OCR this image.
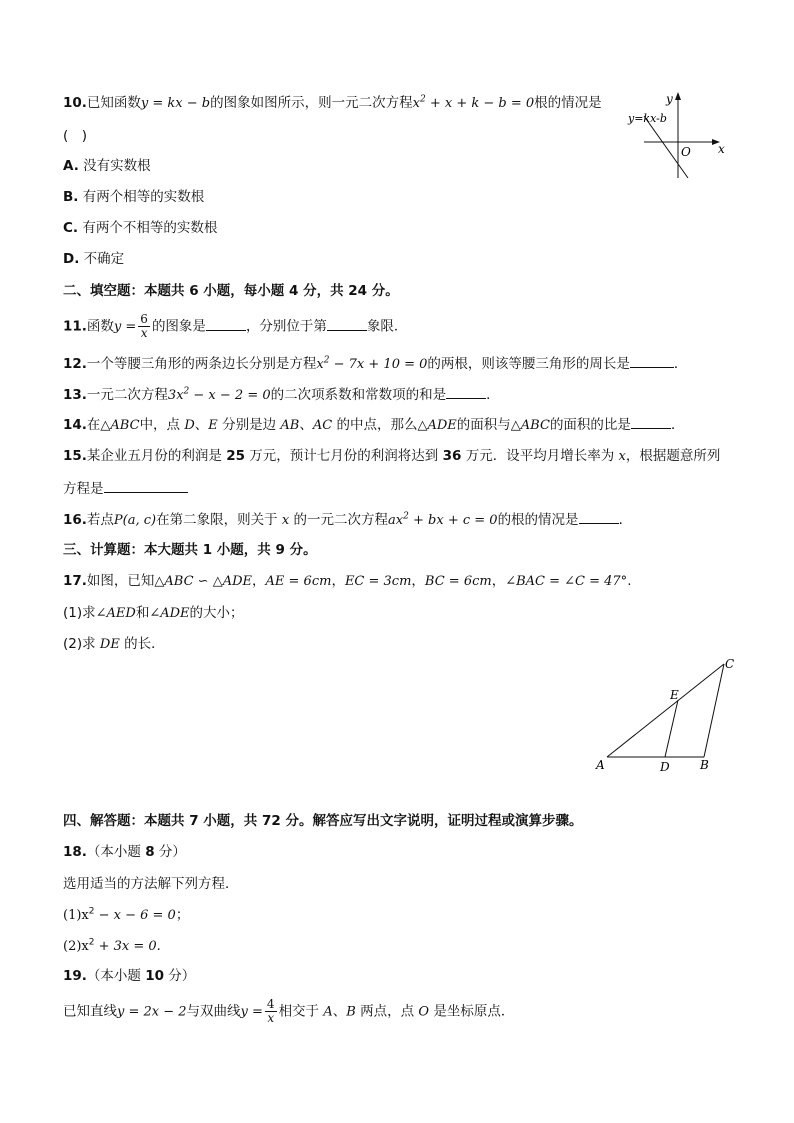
10.已知函数y = kx − b的图象如图所示，则一元二次方程$x^2 + x + k - b = 0$根的情况是
(　)
A. 没有实数根
B. 有两个相等的实数根
C. 有两个不相等的实数根
D. 不确定
y=kx-b
y
x
O
二、填空题：本题共 6 小题，每小题 4 分，共 24 分。
11.函数$y = \frac{6}{x}$ 的图象是	，分别位于第	象限．
12.一个等腰三角形的两条边长分别是方程$x^2 - 7x + 10 = 0$的两根，则该等腰三角形的周长是	．
13.一元二次方程$3x^2 - x - 2 = 0$的二次项系数和常数项的和是	．
14.在△ABC中，点 D、E 分别是边 AB、AC 的中点，那么△ADE的面积与△ABC的面积的比是	．
15.某企业五月份的利润是 25 万元，预计七月份的利润将达到 36 万元．设平均月增长率为 x，根据题意所列
方程是
16.若点P(a, c)在第二象限，则关于 x 的一元二次方程$ax^2$ + bx + c = 0的根的情况是	．
三、计算题：本大题共 1 小题，共 9 分。
17.如图，已知△ABC ∽ △ADE，AE = 6cm，EC = 3cm，BC = 6cm，∠BAC = ∠C = 47°.
(1)求∠AED和∠ADE的大小；
(2)求 DE 的长．
A	B
C
D
E
四、解答题：本题共 7 小题，共 72 分。解答应写出文字说明，证明过程或演算步骤。
18.（本小题 8 分）
选用适当的方法解下列方程．
$(1)x^2 - x - 6 = 0$；
$(2)x^2 + 3x = 0$.
19.（本小题 10 分）
已知直线y = 2x − 2与双曲线$y = \frac{4}{x}$ 相交于 A、B 两点，点 O 是坐标原点．
